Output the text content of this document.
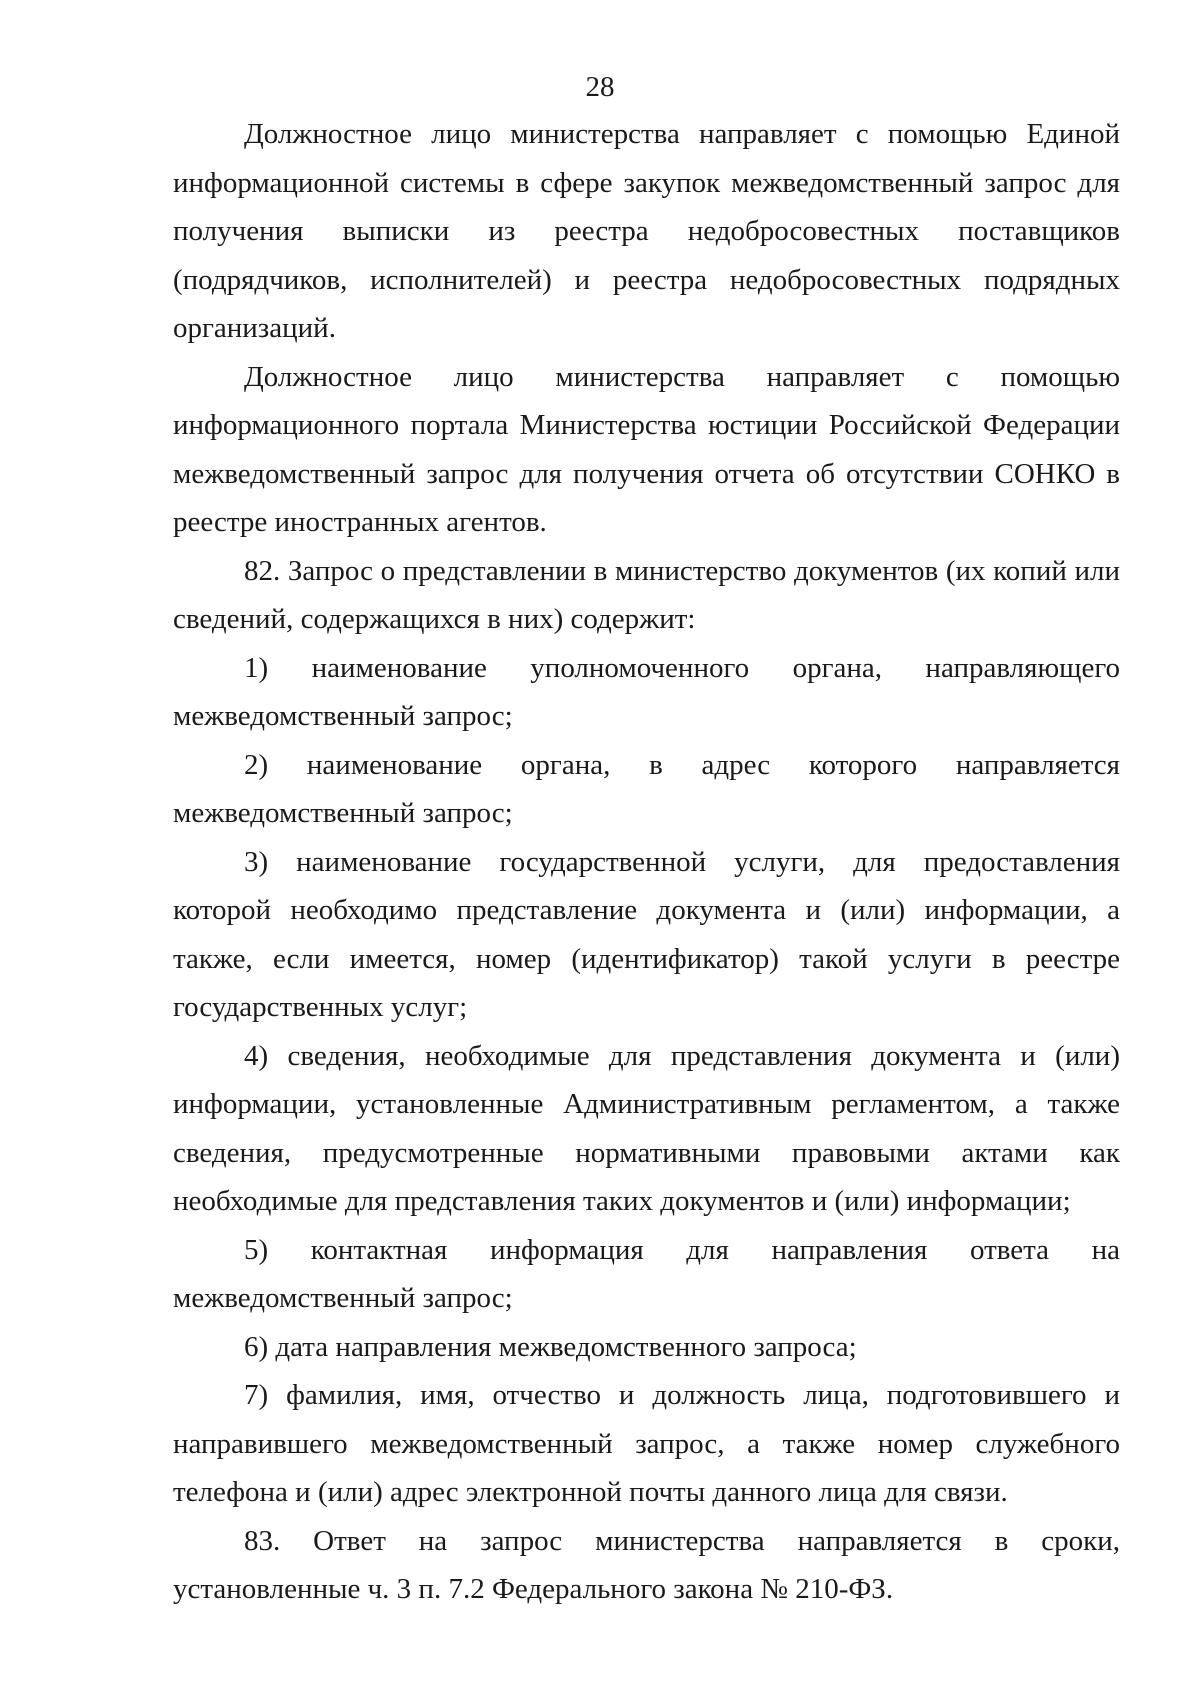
28

Должностное лицо министерства направляет с помощью Единой информационной системы в сфере закупок межведомственный запрос для получения выписки из реестра недобросовестных поставщиков (подрядчиков, исполнителей) и реестра недобросовестных подрядных организаций.

Должностное лицо министерства направляет с помощью информационного портала Министерства юстиции Российской Федерации межведомственный запрос для получения отчета об отсутствии СОНКО в реестре иностранных агентов.

82. Запрос о представлении в министерство документов (их копий или сведений, содержащихся в них) содержит:

1) наименование уполномоченного органа, направляющего межведомственный запрос;

2) наименование органа, в адрес которого направляется межведомственный запрос;

3) наименование государственной услуги, для предоставления которой необходимо представление документа и (или) информации, а также, если имеется, номер (идентификатор) такой услуги в реестре государственных услуг;

4) сведения, необходимые для представления документа и (или) информации, установленные Административным регламентом, а также сведения, предусмотренные нормативными правовыми актами как необходимые для представления таких документов и (или) информации;

5) контактная информация для направления ответа на межведомственный запрос;

6) дата направления межведомственного запроса;

7) фамилия, имя, отчество и должность лица, подготовившего и направившего межведомственный запрос, а также номер служебного телефона и (или) адрес электронной почты данного лица для связи.

83. Ответ на запрос министерства направляется в сроки, установленные ч. 3 п. 7.2 Федерального закона № 210-ФЗ.
